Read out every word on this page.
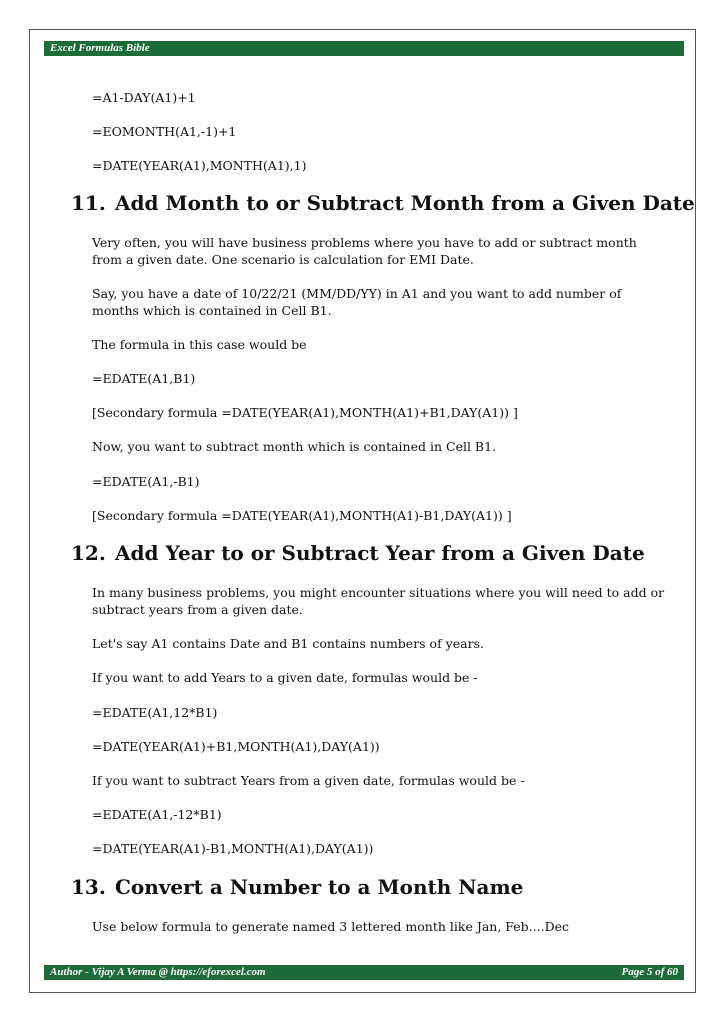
Excel Formulas Bible
=A1-DAY(A1)+1
=EOMONTH(A1,-1)+1
=DATE(YEAR(A1),MONTH(A1),1)
11. Add Month to or Subtract Month from a Given Date
Very often, you will have business problems where you have to add or subtract month
from a given date. One scenario is calculation for EMI Date.
Say, you have a date of 10/22/21 (MM/DD/YY) in A1 and you want to add number of
months which is contained in Cell B1.
The formula in this case would be
=EDATE(A1,B1)
[Secondary formula =DATE(YEAR(A1),MONTH(A1)+B1,DAY(A1)) ]
Now, you want to subtract month which is contained in Cell B1.
=EDATE(A1,-B1)
[Secondary formula =DATE(YEAR(A1),MONTH(A1)-B1,DAY(A1)) ]
12. Add Year to or Subtract Year from a Given Date
In many business problems, you might encounter situations where you will need to add or
subtract years from a given date.
Let's say A1 contains Date and B1 contains numbers of years.
If you want to add Years to a given date, formulas would be -
=EDATE(A1,12*B1)
=DATE(YEAR(A1)+B1,MONTH(A1),DAY(A1))
If you want to subtract Years from a given date, formulas would be -
=EDATE(A1,-12*B1)
=DATE(YEAR(A1)-B1,MONTH(A1),DAY(A1))
13. Convert a Number to a Month Name
Use below formula to generate named 3 lettered month like Jan, Feb....Dec
Author - Vijay A Verma @ https://eforexcel.com	Page 5 of 60
